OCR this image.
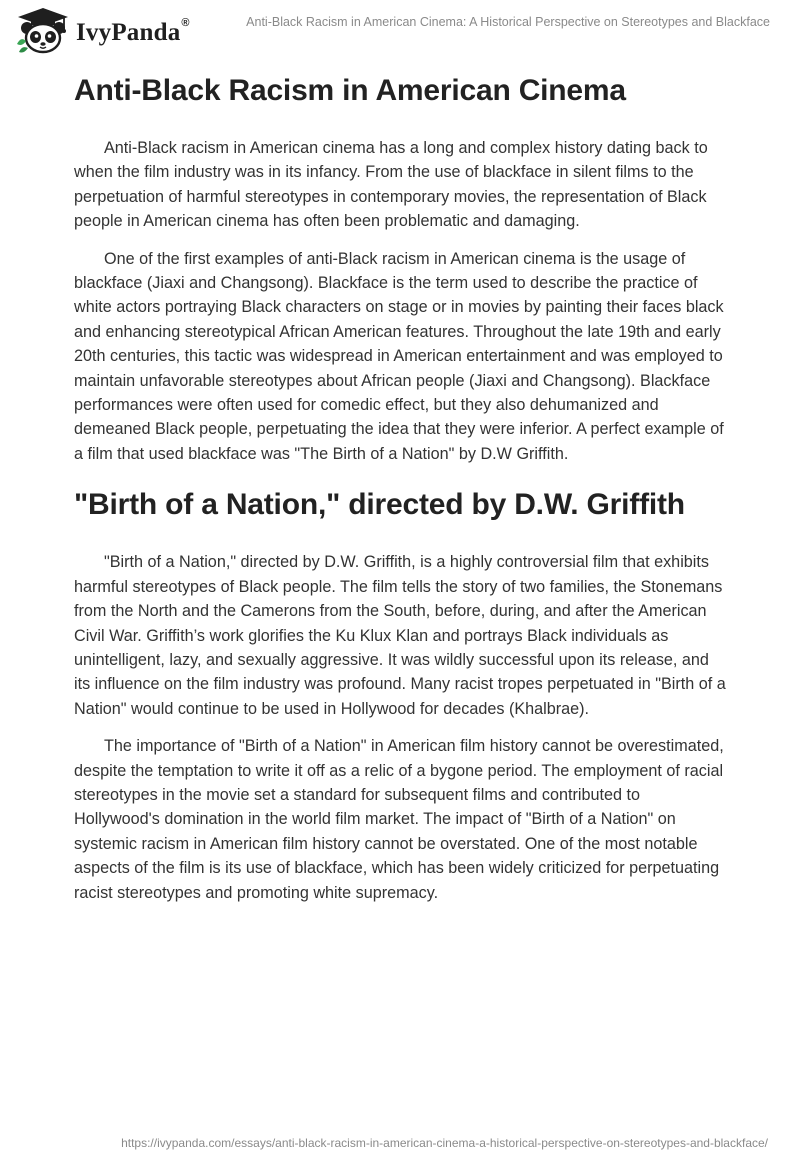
IvyPanda®	Anti-Black Racism in American Cinema: A Historical Perspective on Stereotypes and Blackface
Anti-Black Racism in American Cinema

Anti-Black racism in American cinema has a long and complex history dating back to when the film industry was in its infancy. From the use of blackface in silent films to the perpetuation of harmful stereotypes in contemporary movies, the representation of Black people in American cinema has often been problematic and damaging.

One of the first examples of anti-Black racism in American cinema is the usage of blackface (Jiaxi and Changsong). Blackface is the term used to describe the practice of white actors portraying Black characters on stage or in movies by painting their faces black and enhancing stereotypical African American features. Throughout the late 19th and early 20th centuries, this tactic was widespread in American entertainment and was employed to maintain unfavorable stereotypes about African people (Jiaxi and Changsong). Blackface performances were often used for comedic effect, but they also dehumanized and demeaned Black people, perpetuating the idea that they were inferior. A perfect example of a film that used blackface was "The Birth of a Nation" by D.W Griffith.

"Birth of a Nation," directed by D.W. Griffith

"Birth of a Nation," directed by D.W. Griffith, is a highly controversial film that exhibits harmful stereotypes of Black people. The film tells the story of two families, the Stonemans from the North and the Camerons from the South, before, during, and after the American Civil War. Griffith’s work glorifies the Ku Klux Klan and portrays Black individuals as unintelligent, lazy, and sexually aggressive. It was wildly successful upon its release, and its influence on the film industry was profound. Many racist tropes perpetuated in "Birth of a Nation" would continue to be used in Hollywood for decades (Khalbrae).

The importance of "Birth of a Nation" in American film history cannot be overestimated, despite the temptation to write it off as a relic of a bygone period. The employment of racial stereotypes in the movie set a standard for subsequent films and contributed to Hollywood's domination in the world film market. The impact of "Birth of a Nation" on systemic racism in American film history cannot be overstated. One of the most notable aspects of the film is its use of blackface, which has been widely criticized for perpetuating racist stereotypes and promoting white supremacy.

https://ivypanda.com/essays/anti-black-racism-in-american-cinema-a-historical-perspective-on-stereotypes-and-blackface/
